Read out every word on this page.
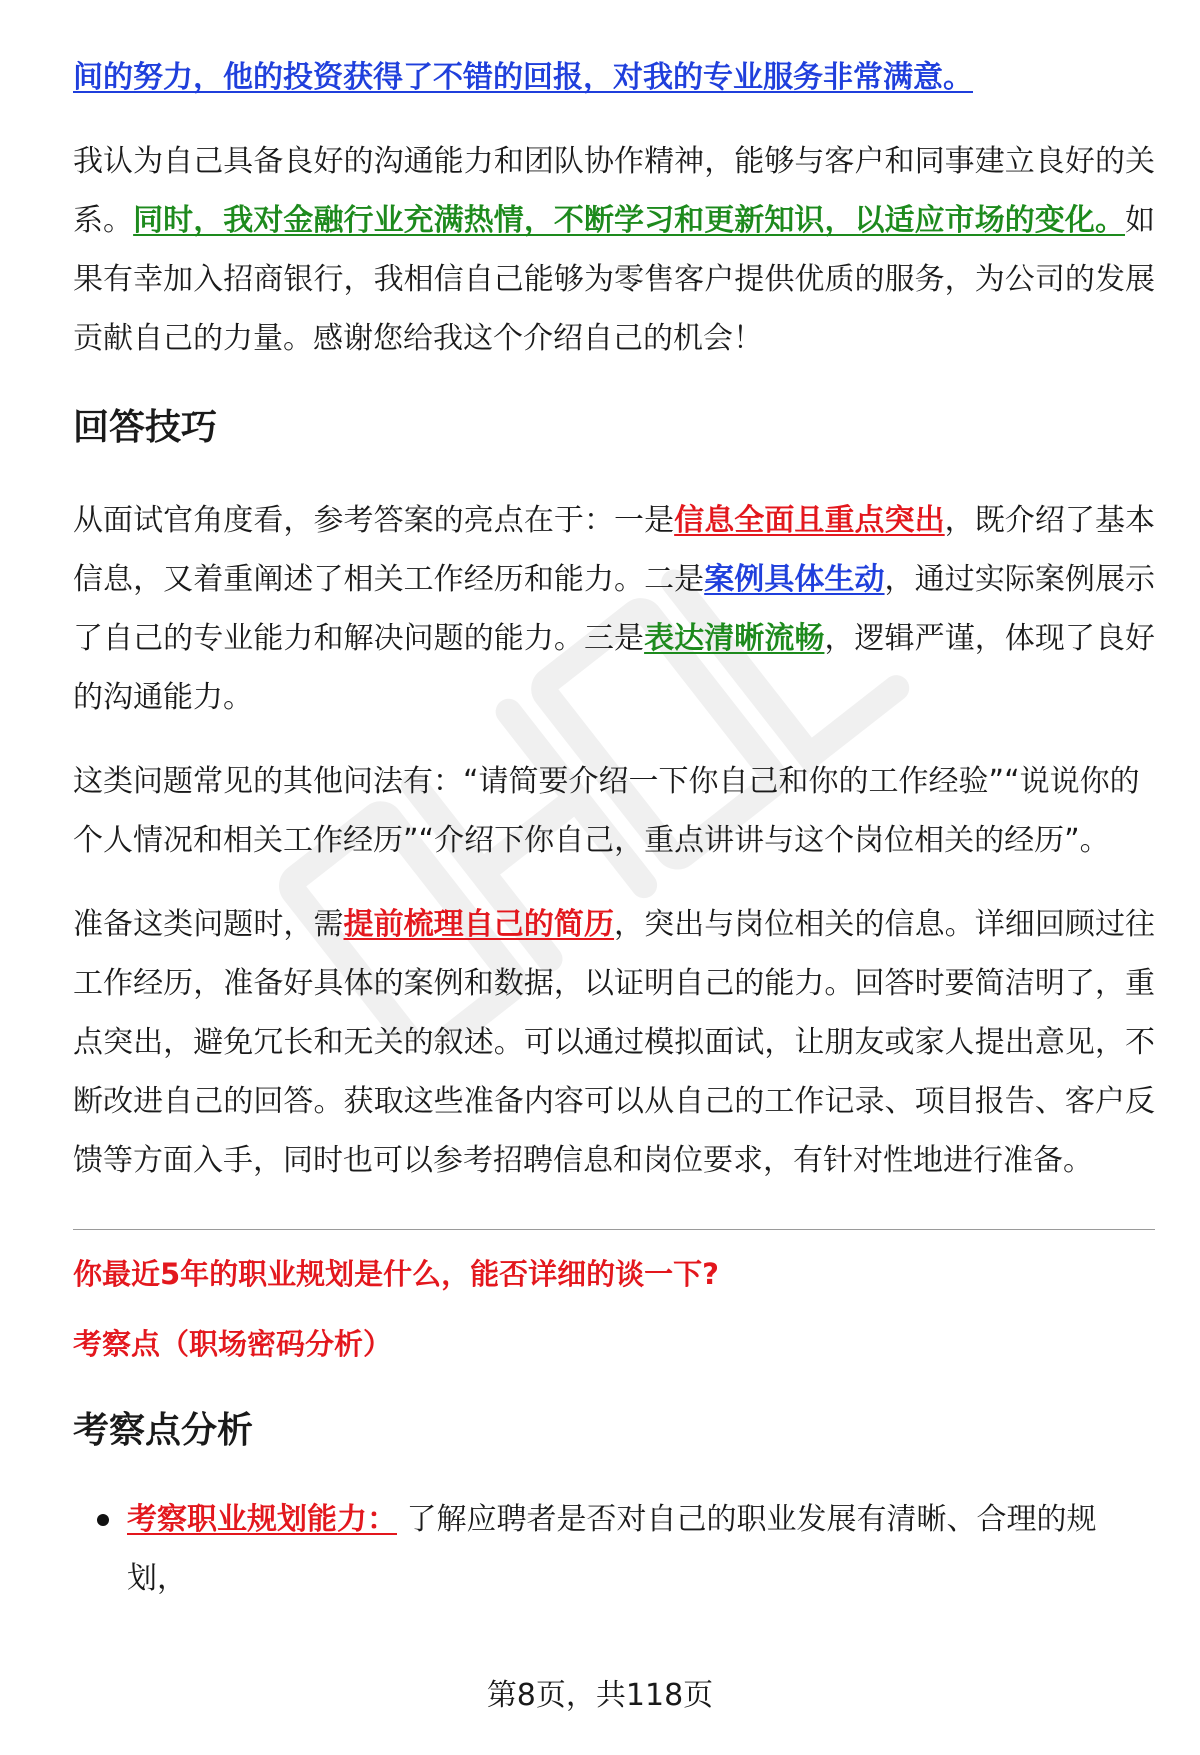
间的努力，他的投资获得了不错的回报，对我的专业服务非常满意。

我认为自己具备良好的沟通能力和团队协作精神，能够与客户和同事建立良好的关系。同时，我对金融行业充满热情，不断学习和更新知识，以适应市场的变化。如果有幸加入招商银行，我相信自己能够为零售客户提供优质的服务，为公司的发展贡献自己的力量。感谢您给我这个介绍自己的机会！

回答技巧

从面试官角度看，参考答案的亮点在于：一是信息全面且重点突出，既介绍了基本信息，又着重阐述了相关工作经历和能力。二是案例具体生动，通过实际案例展示了自己的专业能力和解决问题的能力。三是表达清晰流畅，逻辑严谨，体现了良好的沟通能力。

这类问题常见的其他问法有：“请简要介绍一下你自己和你的工作经验”“说说你的个人情况和相关工作经历”“介绍下你自己，重点讲讲与这个岗位相关的经历”。

准备这类问题时，需提前梳理自己的简历，突出与岗位相关的信息。详细回顾过往工作经历，准备好具体的案例和数据，以证明自己的能力。回答时要简洁明了，重点突出，避免冗长和无关的叙述。可以通过模拟面试，让朋友或家人提出意见，不断改进自己的回答。获取这些准备内容可以从自己的工作记录、项目报告、客户反馈等方面入手，同时也可以参考招聘信息和岗位要求，有针对性地进行准备。

你最近5年的职业规划是什么，能否详细的谈一下?

考察点（职场密码分析）

考察点分析
考察职业规划能力： 了解应聘者是否对自己的职业发展有清晰、合理的规划，
第8页，共118页
